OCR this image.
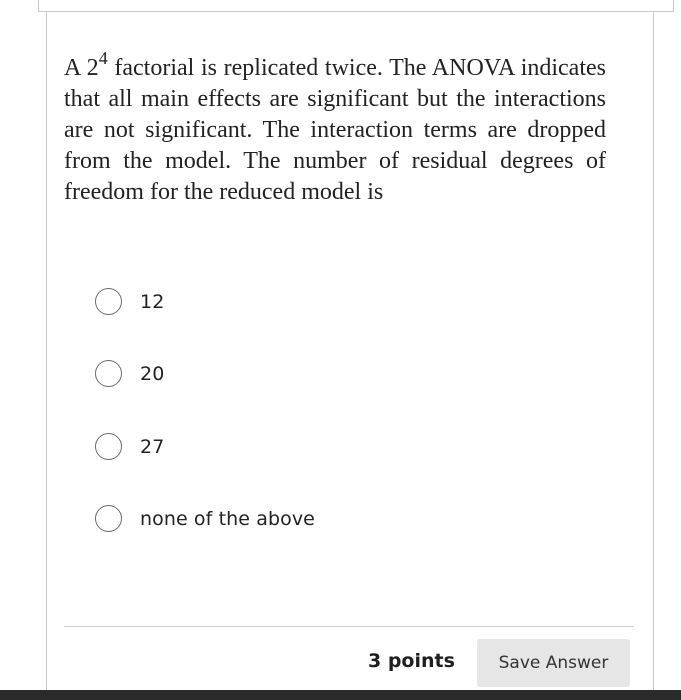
A $2^4$ factorial is replicated twice. The ANOVA indicates that all main effects are significant but the interactions are not significant. The interaction terms are dropped from the model. The number of residual degrees of freedom for the reduced model is

12
20
27
none of the above
3 points	Save Answer
